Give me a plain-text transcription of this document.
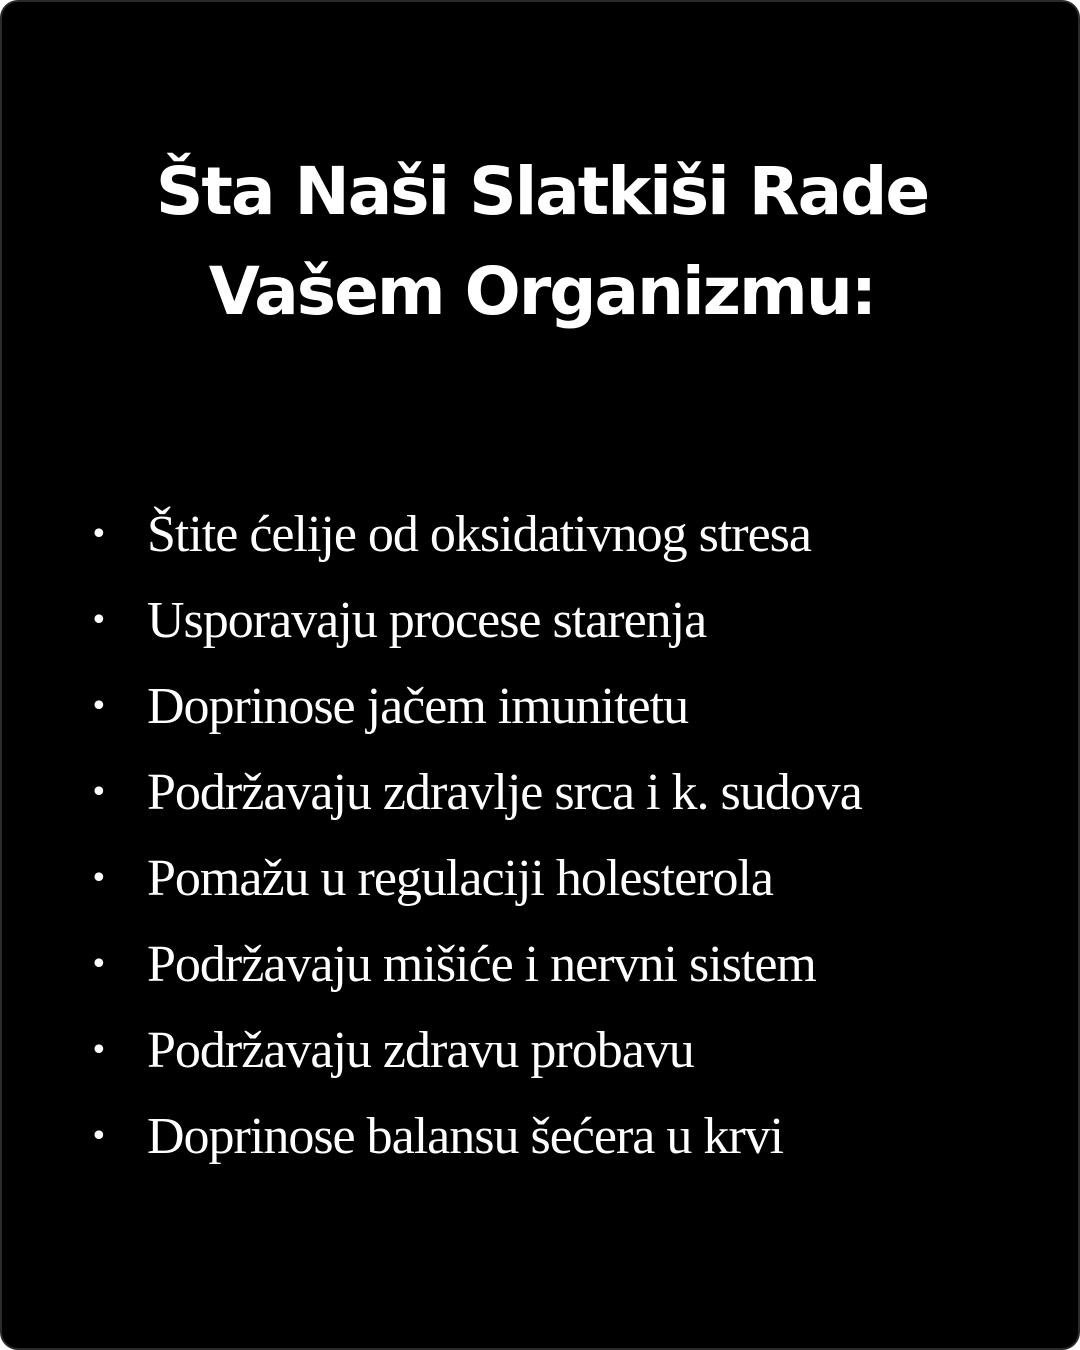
Šta Naši Slatkiši Rade
Vašem Organizmu:
• Štite ćelije od oksidativnog stresa
• Usporavaju procese starenja
• Doprinose jačem imunitetu
• Podržavaju zdravlje srca i k. sudova
• Pomažu u regulaciji holesterola
• Podržavaju mišiće i nervni sistem
• Podržavaju zdravu probavu
• Doprinose balansu šećera u krvi
